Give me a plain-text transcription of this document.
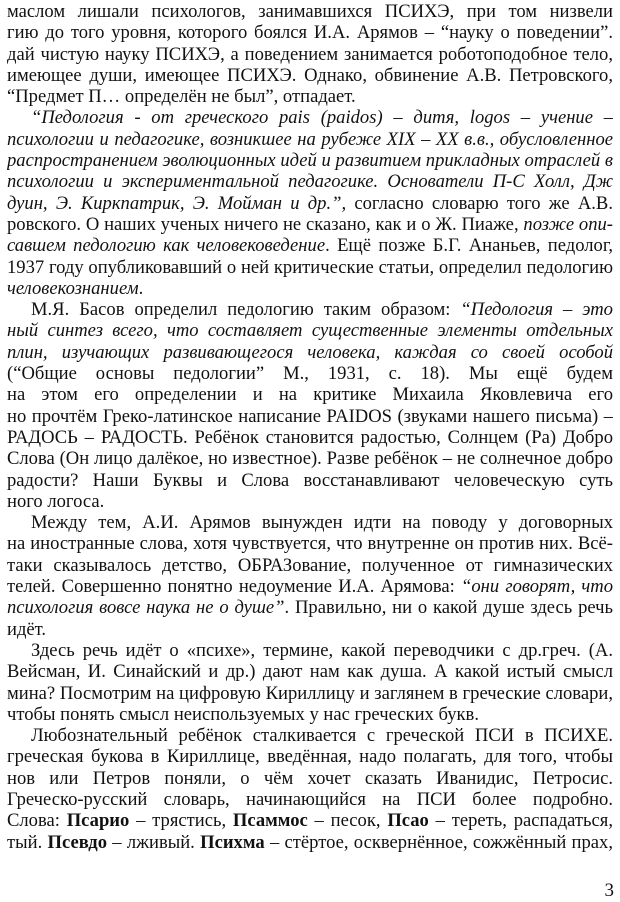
маслом лишали психологов, занимавшихся ПСИХЭ, при том низвели
гию до того уровня, которого боялся И.А. Арямов – “науку о поведении”.
дай чистую науку ПСИХЭ, а поведением занимается роботоподобное тело,
имеющее души, имеющее ПСИХЭ. Однако, обвинение А.В. Петровского,
“Предмет П… определён не был”, отпадает.
“Педология - от греческого pais (paidos) – дитя, logos – учение –
психологии и педагогике, возникшее на рубеже XIX – XX в.в., обусловленное
распространением эволюционных идей и развитием прикладных отраслей в
психологии и экспериментальной педагогике. Основатели П-С Холл, Дж
дуин, Э. Киркпатрик, Э. Мойман и др.”, согласно словарю того же А.В.
ровского. О наших ученых ничего не сказано, как и о Ж. Пиаже, позже опи-
савшем педологию как человековедение. Ещё позже Б.Г. Ананьев, педолог,
1937 году опубликовавший о ней критические статьи, определил педологию
человекознанием.
М.Я. Басов определил педологию таким образом: “Педология – это
ный синтез всего, что составляет существенные элементы отдельных
плин, изучающих развивающегося человека, каждая со своей особой
(“Общие основы педологии” М., 1931, с. 18). Мы ещё будем
на этом его определении и на критике Михаила Яковлевича его
но прочтём Греко-латинское написание PAIDOS (звуками нашего письма) –
РАДОСЬ – РАДОСТЬ. Ребёнок становится радостью, Солнцем (Ра) Добро
Слова (Он лицо далёкое, но известное). Разве ребёнок – не солнечное добро
радости? Наши Буквы и Слова восстанавливают человеческую суть
ного логоса.
Между тем, А.И. Арямов вынужден идти на поводу у договорных
на иностранные слова, хотя чувствуется, что внутренне он против них. Всё-
таки сказывалось детство, ОБРАЗование, полученное от гимназических
телей. Совершенно понятно недоумение И.А. Арямова: “они говорят, что
психология вовсе наука не о душе”. Правильно, ни о какой душе здесь речь
идёт.
Здесь речь идёт о «психе», термине, какой переводчики с др.греч. (А.
Вейсман, И. Синайский и др.) дают нам как душа. А какой истый смысл
мина? Посмотрим на цифровую Кириллицу и заглянем в греческие словари,
чтобы понять смысл неиспользуемых у нас греческих букв.
Любознательный ребёнок сталкивается с греческой ПСИ в ПСИХЕ.
греческая букова в Кириллице, введённая, надо полагать, для того, чтобы
нов или Петров поняли, о чём хочет сказать Иванидис, Петросис.
Греческо-русский словарь, начинающийся на ПСИ более подробно.
Слова: Псарио – трястись, Псаммос – песок, Псао – тереть, распадаться,
тый. Псевдо – лживый. Психма – стёртое, осквернённое, сожжённый прах,
3
